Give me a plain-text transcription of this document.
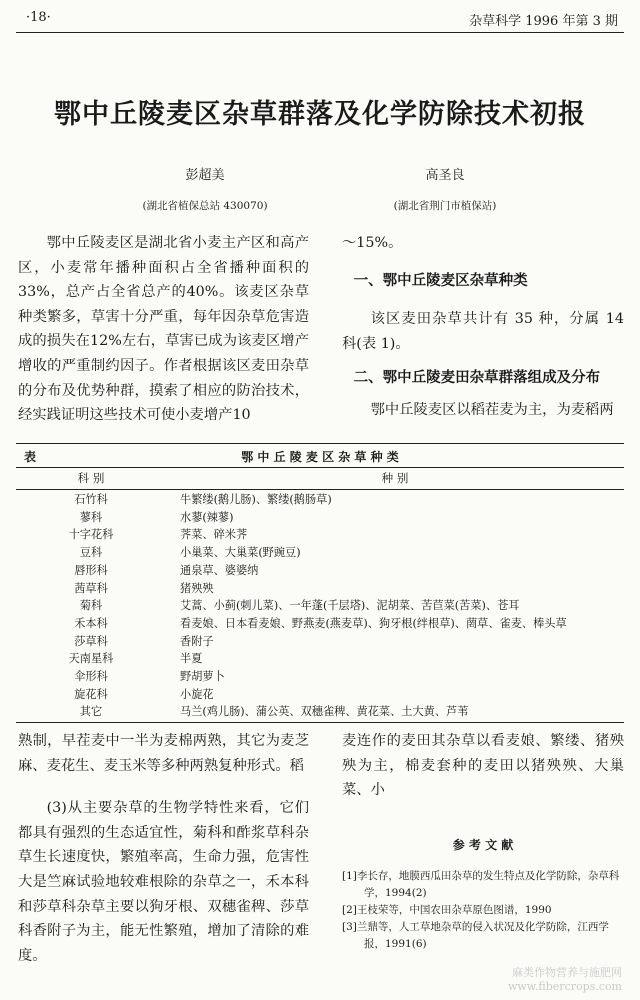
·18·	杂草科学 1996 年第 3 期
鄂中丘陵麦区杂草群落及化学防除技术初报
彭超美
(湖北省植保总站 430070)
高圣良
(湖北省荆门市植保站)

鄂中丘陵麦区是湖北省小麦主产区和高产区，小麦常年播种面积占全省播种面积的33%，总产占全省总产的40%。该麦区杂草种类繁多，草害十分严重，每年因杂草危害造成的损失在12%左右，草害已成为该麦区增产增收的严重制约因子。作者根据该区麦田杂草的分布及优势种群，摸索了相应的防治技术，经实践证明这些技术可使小麦增产10

～15%。

一、鄂中丘陵麦区杂草种类

该区麦田杂草共计有 35 种，分属 14 科(表 1)。

二、鄂中丘陵麦田杂草群落组成及分布

鄂中丘陵麦区以稻茬麦为主，为麦稻两

表	鄂 中 丘 陵 麦 区 杂 草 种 类
科 别	种 别
石竹科	牛繁缕(鹅儿肠)、繁缕(鹅肠草)
蓼科	水蓼(辣蓼)
十字花科	荠菜、碎米荠
豆科	小巢菜、大巢菜(野豌豆)
唇形科	通泉草、婆婆纳
茜草科	猪殃殃
菊科	艾蒿、小蓟(刺儿菜)、一年蓬(千层塔)、泥胡菜、苦苣菜(苦菜)、苍耳
禾本科	看麦娘、日本看麦娘、野燕麦(燕麦草)、狗牙根(绊根草)、菵草、雀麦、棒头草
莎草科	香附子
天南星科	半夏
伞形科	野胡萝卜
旋花科	小旋花
其它	马兰(鸡儿肠)、蒲公英、双穗雀稗、黄花菜、土大黄、芦苇

熟制，早茬麦中一半为麦棉两熟，其它为麦芝麻、麦花生、麦玉米等多种两熟复种形式。稻

(3)从主要杂草的生物学特性来看，它们都具有强烈的生态适宜性，菊科和酢浆草科杂草生长速度快，繁殖率高，生命力强，危害性大是竺麻试验地较难根除的杂草之一，禾本科和莎草科杂草主要以狗牙根、双穗雀稗、莎草科香附子为主，能无性繁殖，增加了清除的难度。

麦连作的麦田其杂草以看麦娘、繁缕、猪殃殃为主，棉麦套种的麦田以猪殃殃、大巢菜、小

参 考 文 献
[1]李长存，地膜西瓜田杂草的发生特点及化学防除，杂草科学，1994(2)
[2]王枝荣等，中国农田杂草原色图谱，1990
[3]兰鼎等，人工草地杂草的侵入状况及化学防除，江西学报，1991(6)
麻类作物营养与施肥网
www.fibercrops.com
